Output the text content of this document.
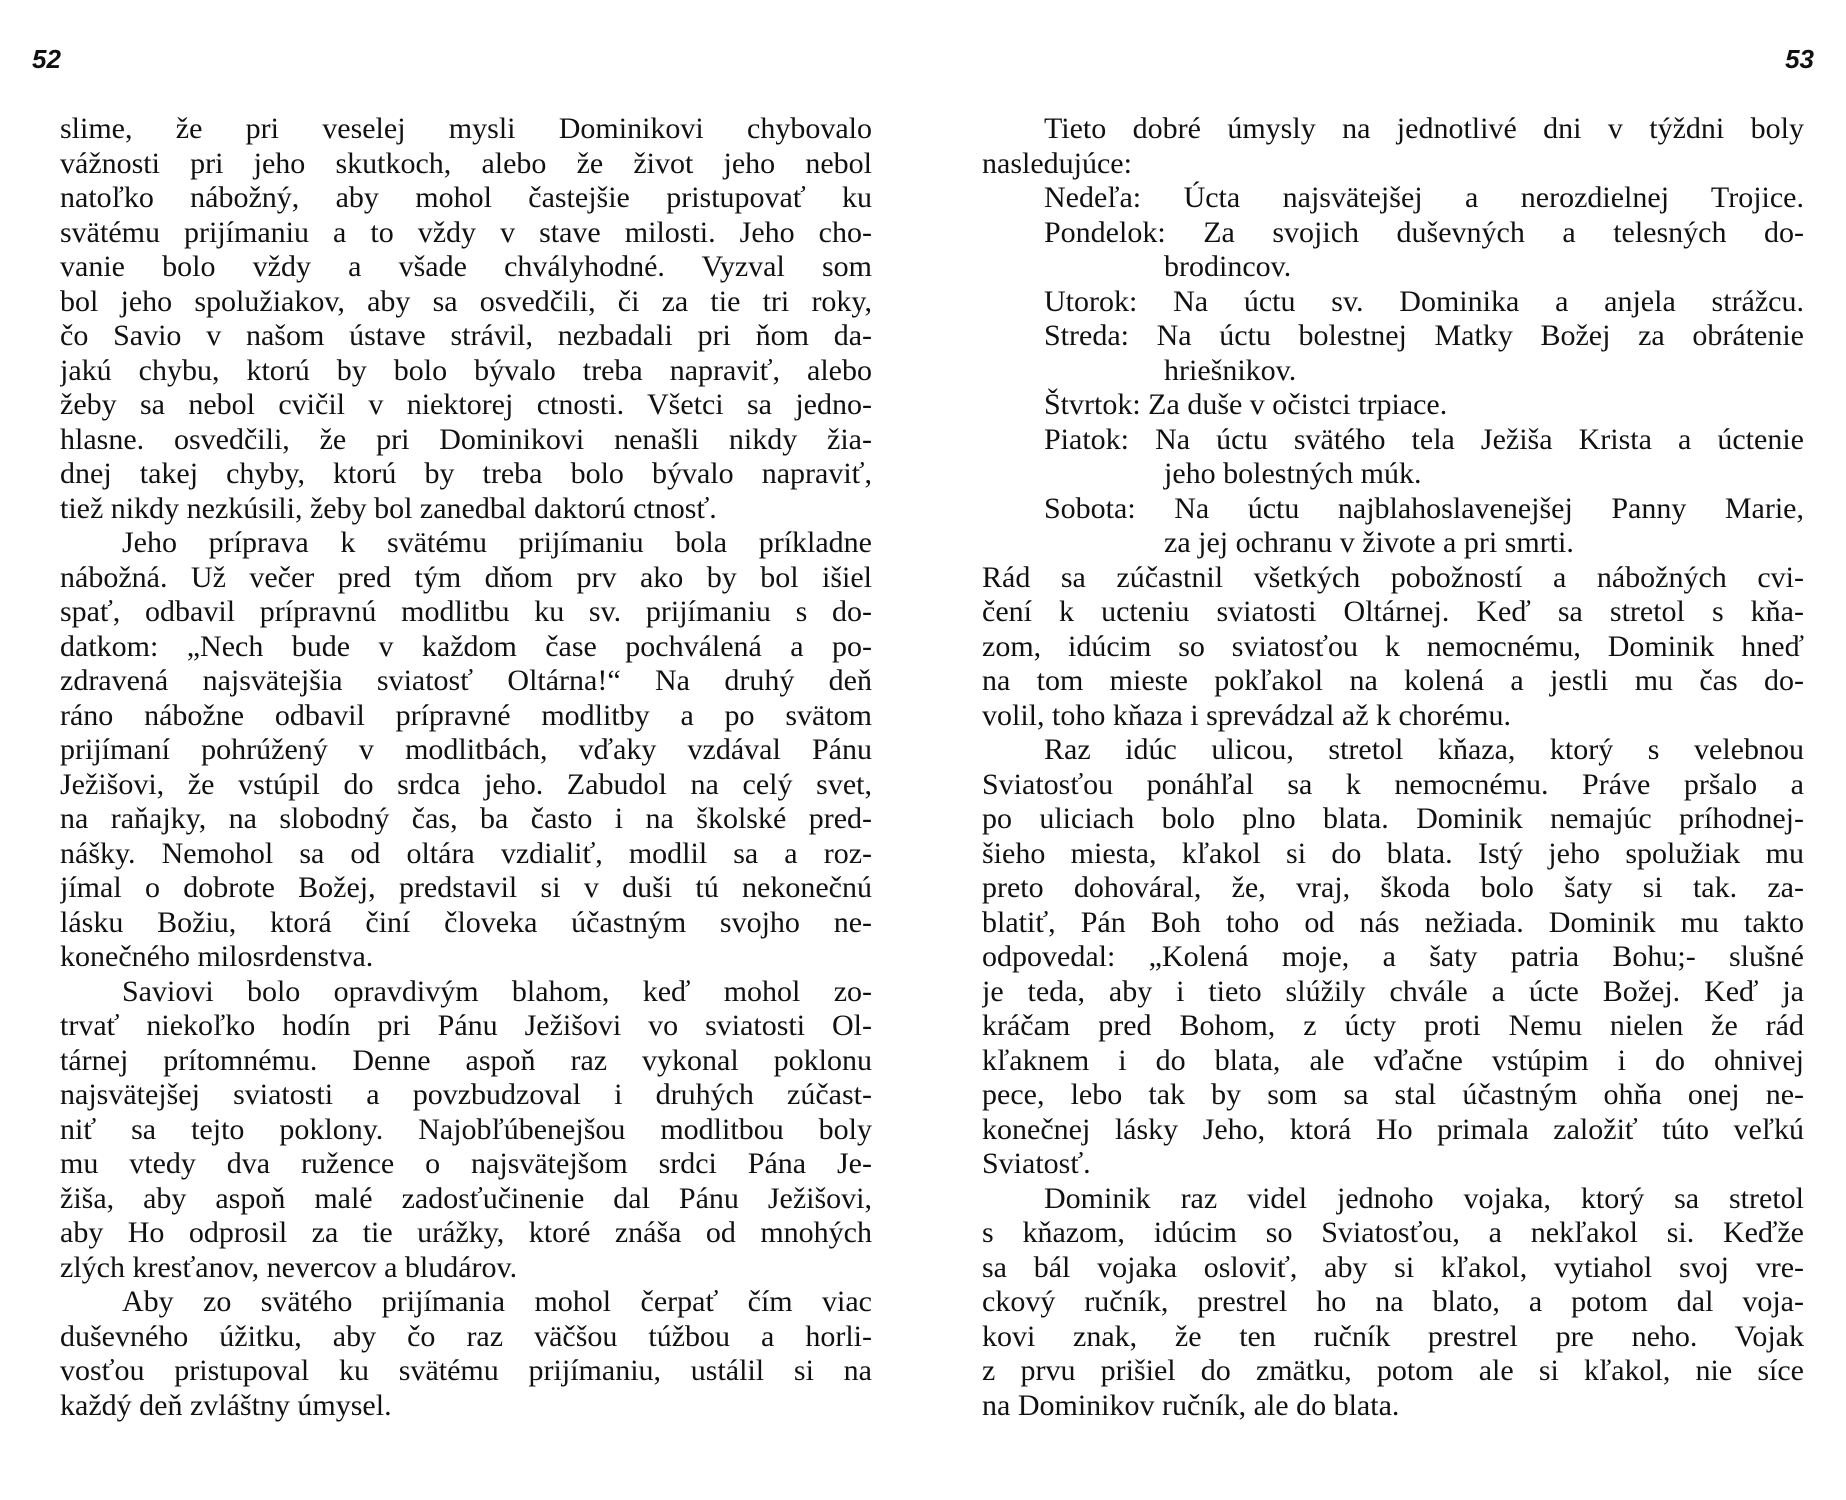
52	53
slime, že pri veselej mysli Dominikovi chybovalo
vážnosti pri jeho skutkoch, alebo že život jeho nebol
natoľko nábožný, aby mohol častejšie pristupovať ku
svätému prijímaniu a to vždy v stave milosti. Jeho cho-
vanie bolo vždy a všade chvályhodné. Vyzval som
bol jeho spolužiakov, aby sa osvedčili, či za tie tri roky,
čo Savio v našom ústave strávil, nezbadali pri ňom da-
jakú chybu, ktorú by bolo bývalo treba napraviť, alebo
žeby sa nebol cvičil v niektorej ctnosti. Všetci sa jedno-
hlasne. osvedčili, že pri Dominikovi nenašli nikdy žia-
dnej takej chyby, ktorú by treba bolo bývalo napraviť,
tiež nikdy nezkúsili, žeby bol zanedbal daktorú ctnosť.
Jeho príprava k svätému prijímaniu bola príkladne
nábožná. Už večer pred tým dňom prv ako by bol išiel
spať, odbavil prípravnú modlitbu ku sv. prijímaniu s do-
datkom: „Nech bude v každom čase pochválená a po-
zdravená najsvätejšia sviatosť Oltárna!“ Na druhý deň
ráno nábožne odbavil prípravné modlitby a po svätom
prijímaní pohrúžený v modlitbách, vďaky vzdával Pánu
Ježišovi, že vstúpil do srdca jeho. Zabudol na celý svet,
na raňajky, na slobodný čas, ba často i na školské pred-
nášky. Nemohol sa od oltára vzdialiť, modlil sa a roz-
jímal o dobrote Božej, predstavil si v duši tú nekonečnú
lásku Božiu, ktorá činí človeka účastným svojho ne-
konečného milosrdenstva.
Saviovi bolo opravdivým blahom, keď mohol zo-
trvať niekoľko hodín pri Pánu Ježišovi vo sviatosti Ol-
tárnej prítomnému. Denne aspoň raz vykonal poklonu
najsvätejšej sviatosti a povzbudzoval i druhých zúčast-
niť sa tejto poklony. Najobľúbenejšou modlitbou boly
mu vtedy dva ružence o najsvätejšom srdci Pána Je-
žiša, aby aspoň malé zadosťučinenie dal Pánu Ježišovi,
aby Ho odprosil za tie urážky, ktoré znáša od mnohých
zlých kresťanov, nevercov a bludárov.
Aby zo svätého prijímania mohol čerpať čím viac
duševného úžitku, aby čo raz väčšou túžbou a horli-
vosťou pristupoval ku svätému prijímaniu, ustálil si na
každý deň zvláštny úmysel.
Tieto dobré úmysly na jednotlivé dni v týždni boly
nasledujúce:
Nedeľa: Úcta najsvätejšej a nerozdielnej Trojice.
Pondelok: Za svojich duševných a telesných do-
brodincov.
Utorok: Na úctu sv. Dominika a anjela strážcu.
Streda: Na úctu bolestnej Matky Božej za obrátenie
hriešnikov.
Štvrtok: Za duše v očistci trpiace.
Piatok: Na úctu svätého tela Ježiša Krista a úctenie
jeho bolestných múk.
Sobota: Na úctu najblahoslavenejšej Panny Marie,
za jej ochranu v živote a pri smrti.
Rád sa zúčastnil všetkých pobožností a nábožných cvi-
čení k ucteniu sviatosti Oltárnej. Keď sa stretol s kňa-
zom, idúcim so sviatosťou k nemocnému, Dominik hneď
na tom mieste pokľakol na kolená a jestli mu čas do-
volil, toho kňaza i sprevádzal až k chorému.
Raz idúc ulicou, stretol kňaza, ktorý s velebnou
Sviatosťou ponáhľal sa k nemocnému. Práve pršalo a
po uliciach bolo plno blata. Dominik nemajúc príhodnej-
šieho miesta, kľakol si do blata. Istý jeho spolužiak mu
preto dohováral, že, vraj, škoda bolo šaty si tak. za-
blatiť, Pán Boh toho od nás nežiada. Dominik mu takto
odpovedal: „Kolená moje, a šaty patria Bohu;- slušné
je teda, aby i tieto slúžily chvále a úcte Božej. Keď ja
kráčam pred Bohom, z úcty proti Nemu nielen že rád
kľaknem i do blata, ale vďačne vstúpim i do ohnivej
pece, lebo tak by som sa stal účastným ohňa onej ne-
konečnej lásky Jeho, ktorá Ho primala založiť túto veľkú
Sviatosť.
Dominik raz videl jednoho vojaka, ktorý sa stretol
s kňazom, idúcim so Sviatosťou, a nekľakol si. Keďže
sa bál vojaka osloviť, aby si kľakol, vytiahol svoj vre-
ckový ručník, prestrel ho na blato, a potom dal voja-
kovi znak, že ten ručník prestrel pre neho. Vojak
z prvu prišiel do zmätku, potom ale si kľakol, nie síce
na Dominikov ručník, ale do blata.
